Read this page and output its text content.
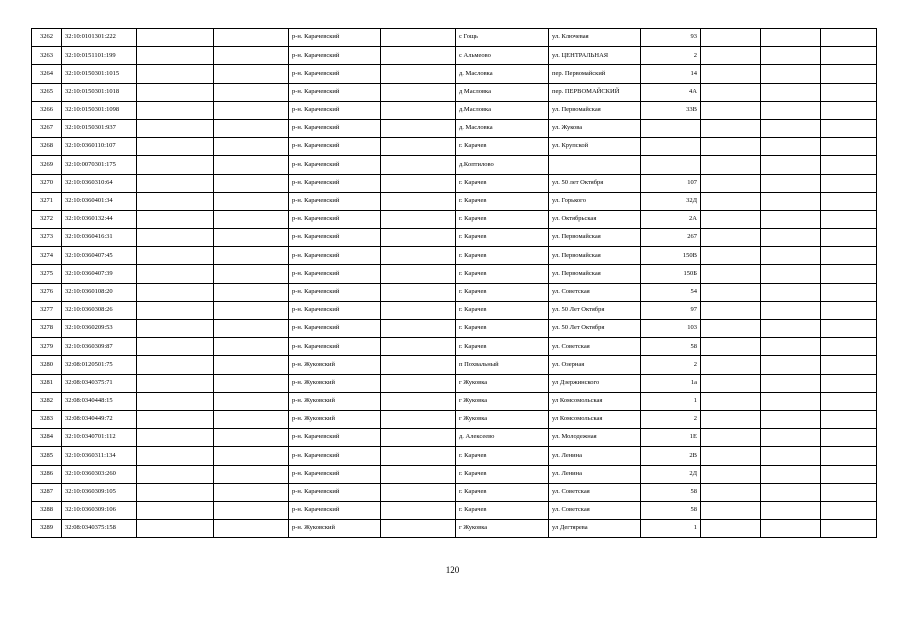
3262	32:10:0101301:222			р-н. Карачевский		с Гощь	ул. Ключевая	93			
3263	32:10:0151101:199			р-н. Карачевский		с Альмеово	ул. ЦЕНТРАЛЬНАЯ	2			
3264	32:10:0150301:1015			р-н. Карачевский		д. Масловка	пер. Первомайский	14			
3265	32:10:0150301:1018			р-н. Карачевский		д Масловка	пер. ПЕРВОМАЙСКИЙ	4А			
3266	32:10:0150301:1098			р-н. Карачевский		д.Масловка	ул. Первомайская	33В			
3267	32:10:0150301:937			р-н. Карачевский		д. Масловка	ул. Жукова				
3268	32:10:0360110:107			р-н. Карачевский		г. Карачев	ул. Крупской				
3269	32:10:0070301:175			р-н. Карачевский		д.Коптилово					
3270	32:10:0360310:64			р-н. Карачевский		г. Карачев	ул. 50 лет Октября	107			
3271	32:10:0360401:34			р-н. Карачевский		г. Карачев	ул. Горького	32Д			
3272	32:10:0360132:44			р-н. Карачевский		г. Карачев	ул. Октябрьская	2А			
3273	32:10:0360416:31			р-н. Карачевский		г. Карачев	ул. Первомайская	267			
3274	32:10:0360407:45			р-н. Карачевский		г. Карачев	ул. Первомайская	150В			
3275	32:10:0360407:39			р-н. Карачевский		г. Карачев	ул. Первомайская	150Б			
3276	32:10:0360108:20			р-н. Карачевский		г. Карачев	ул. Советская	54			
3277	32:10:0360308:26			р-н. Карачевский		г. Карачев	ул. 50 Лет Октября	97			
3278	32:10:0360209:53			р-н. Карачевский		г. Карачев	ул. 50 Лет Октября	103			
3279	32:10:0360309:87			р-н. Карачевский		г. Карачев	ул. Советская	58			
3280	32:08:0120501:75			р-н. Жуковский		п Похвальный	ул. Озерная	2			
3281	32:08:0340375:71			р-н. Жуковский		г Жуковка	ул Дзержинского	1а			
3282	32:08:0340448:15			р-н. Жуковский		г Жуковка	ул Комсомольская	1			
3283	32:08:0340449:72			р-н. Жуковский		г Жуковка	ул Комсомольская	2			
3284	32:10:0340701:112			р-н. Карачевский		д. Алексеево	ул. Молодежная	1Е			
3285	32:10:0360311:134			р-н. Карачевский		г. Карачев	ул. Ленина	2В			
3286	32:10:0360303:260			р-н. Карачевский		г. Карачев	ул. Ленина	2Д			
3287	32:10:0360309:105			р-н. Карачевский		г. Карачев	ул. Советская	58			
3288	32:10:0360309:106			р-н. Карачевский		г. Карачев	ул. Советская	58			
3289	32:08:0340375:158			р-н. Жуковский		г Жуковка	ул Дегтярева	1			
120
